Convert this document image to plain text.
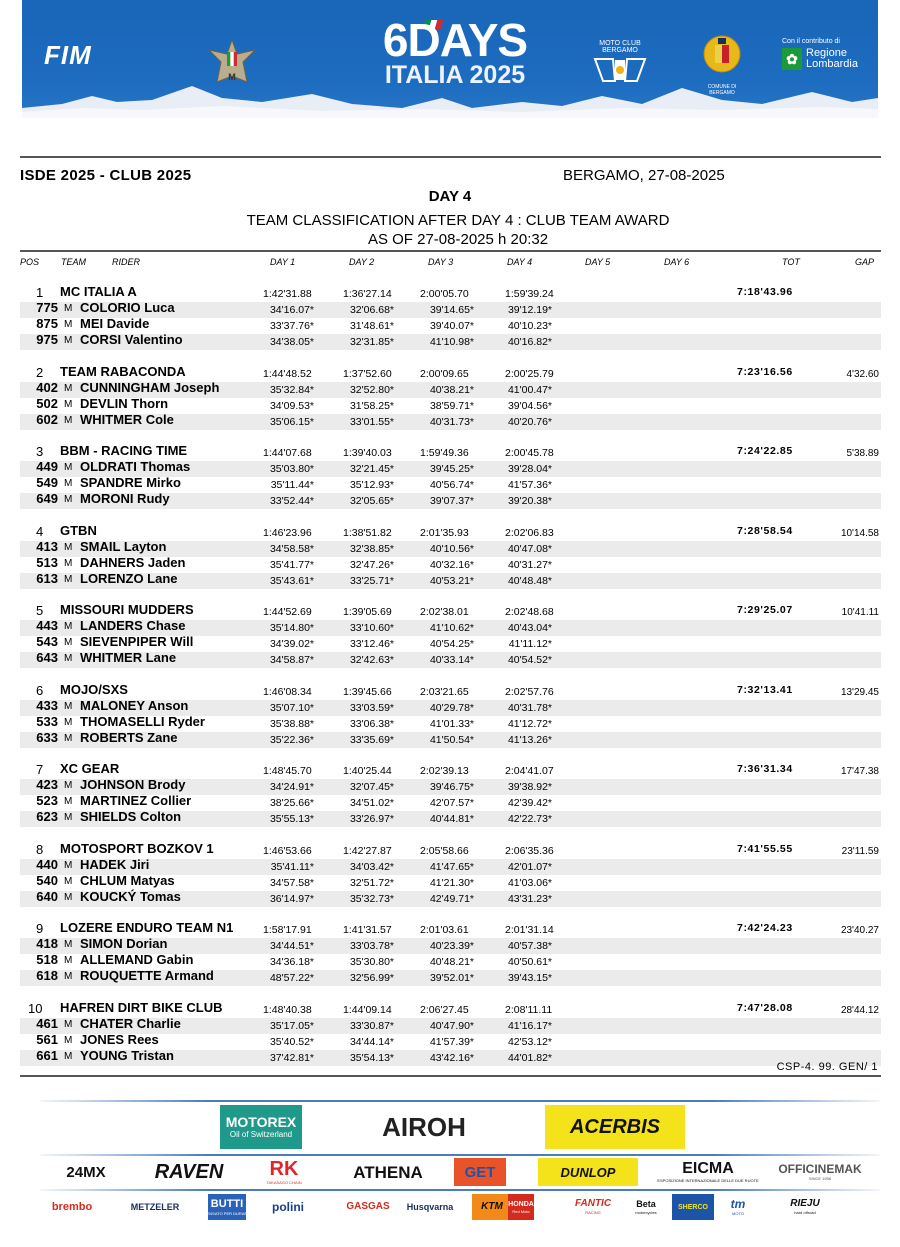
FIM
M
6DAYS
ITALIA 2025
MOTO CLUB BERGAMO
COMUNE DI BERGAMO
Con il contributo di
✿ Regione Lombardia
ISDE 2025 - CLUB 2025	BERGAMO, 27-08-2025
DAY 4
TEAM CLASSIFICATION AFTER DAY 4 : CLUB TEAM AWARD
AS OF 27-08-2025 h 20:32
POS TEAM	RIDER	DAY 1	DAY 2	DAY 3	DAY 4	DAY 5	DAY 6	TOT	GAP
1 MC ITALIA A	1:42'31.88	1:36'27.14	2:00'05.70	1:59'39.24	7:18'43.96
775 M COLORIO Luca	34'16.07*	32'06.68*	39'14.65*	39'12.19*
875 M MEI Davide	33'37.76*	31'48.61*	39'40.07*	40'10.23*
975 M CORSI Valentino	34'38.05*	32'31.85*	41'10.98*	40'16.82*
2 TEAM RABACONDA	1:44'48.52	1:37'52.60	2:00'09.65	2:00'25.79	7:23'16.56	4'32.60
402 M CUNNINGHAM Joseph	35'32.84*	32'52.80*	40'38.21*	41'00.47*
502 M DEVLIN Thorn	34'09.53*	31'58.25*	38'59.71*	39'04.56*
602 M WHITMER Cole	35'06.15*	33'01.55*	40'31.73*	40'20.76*
3 BBM - RACING TIME	1:44'07.68	1:39'40.03	1:59'49.36	2:00'45.78	7:24'22.85	5'38.89
449 M OLDRATI Thomas	35'03.80*	32'21.45*	39'45.25*	39'28.04*
549 M SPANDRE Mirko	35'11.44*	35'12.93*	40'56.74*	41'57.36*
649 M MORONI Rudy	33'52.44*	32'05.65*	39'07.37*	39'20.38*
4 GTBN	1:46'23.96	1:38'51.82	2:01'35.93	2:02'06.83	7:28'58.54	10'14.58
413 M SMAIL Layton	34'58.58*	32'38.85*	40'10.56*	40'47.08*
513 M DAHNERS Jaden	35'41.77*	32'47.26*	40'32.16*	40'31.27*
613 M LORENZO Lane	35'43.61*	33'25.71*	40'53.21*	40'48.48*
5 MISSOURI MUDDERS	1:44'52.69	1:39'05.69	2:02'38.01	2:02'48.68	7:29'25.07	10'41.11
443 M LANDERS Chase	35'14.80*	33'10.60*	41'10.62*	40'43.04*
543 M SIEVENPIPER Will	34'39.02*	33'12.46*	40'54.25*	41'11.12*
643 M WHITMER Lane	34'58.87*	32'42.63*	40'33.14*	40'54.52*
6 MOJO/SXS	1:46'08.34	1:39'45.66	2:03'21.65	2:02'57.76	7:32'13.41	13'29.45
433 M MALONEY Anson	35'07.10*	33'03.59*	40'29.78*	40'31.78*
533 M THOMASELLI Ryder	35'38.88*	33'06.38*	41'01.33*	41'12.72*
633 M ROBERTS Zane	35'22.36*	33'35.69*	41'50.54*	41'13.26*
7 XC GEAR	1:48'45.70	1:40'25.44	2:02'39.13	2:04'41.07	7:36'31.34	17'47.38
423 M JOHNSON Brody	34'24.91*	32'07.45*	39'46.75*	39'38.92*
523 M MARTINEZ Collier	38'25.66*	34'51.02*	42'07.57*	42'39.42*
623 M SHIELDS Colton	35'55.13*	33'26.97*	40'44.81*	42'22.73*
8 MOTOSPORT BOZKOV 1	1:46'53.66	1:42'27.87	2:05'58.66	2:06'35.36	7:41'55.55	23'11.59
440 M HADEK Jiri	35'41.11*	34'03.42*	41'47.65*	42'01.07*
540 M CHLUM Matyas	34'57.58*	32'51.72*	41'21.30*	41'03.06*
640 M KOUCKÝ Tomas	36'14.97*	35'32.73*	42'49.71*	43'31.23*
9 LOZERE ENDURO TEAM N1	1:58'17.91	1:41'31.57	2:01'03.61	2:01'31.14	7:42'24.23	23'40.27
418 M SIMON Dorian	34'44.51*	33'03.78*	40'23.39*	40'57.38*
518 M ALLEMAND Gabin	34'36.18*	35'30.80*	40'48.21*	40'50.61*
618 M ROUQUETTE Armand	48'57.22*	32'56.99*	39'52.01*	39'43.15*
10 HAFREN DIRT BIKE CLUB	1:48'40.38	1:44'09.14	2:06'27.45	2:08'11.11	7:47'28.08	28'44.12
461 M CHATER Charlie	35'17.05*	33'30.87*	40'47.90*	41'16.17*
561 M JONES Rees	35'40.52*	34'44.14*	41'57.39*	42'53.12*
661 M YOUNG Tristan	37'42.81*	35'54.13*	43'42.16*	44'01.82*
CSP-4. 99. GEN/ 1
MOTOREX
Oil of Switzerland	AIROH	ACERBIS
24MX RAVEN RK
TAKASAGO CHAIN
ATHENA	GET	DUNLOP	EICMA
ESPOSIZIONE INTERNAZIONALE DELLE DUE RUOTE
OFFICINEMAK
SINCE 1956
brembo	METZELER	BUTTI
PENSATO PER DURARE polini	GASGAS Husqvarna	KTM HONDA
Red Moto
FANTIC
RACING
Beta
motorcycles
SHERCO tm
MOTO
RIEJU
hard offroad
